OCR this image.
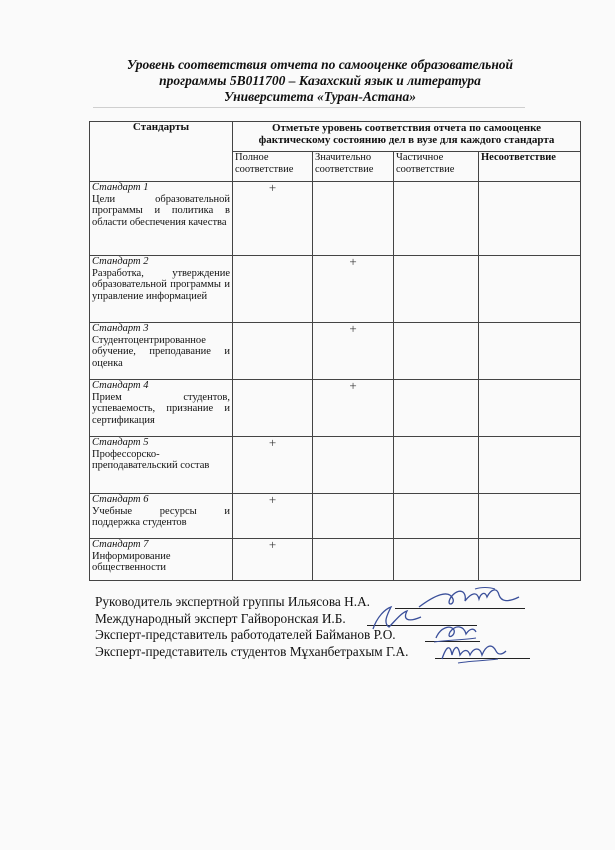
Уровень соответствия отчета по самооценке образовательной
программы 5В011700 – Казахский язык и литература
Университета «Туран-Астана»
Стандарты	Отметьте уровень соответствия отчета по самооценке фактическому состоянию дел в вузе для каждого стандарта			
	Полное соответствие	Значительно соответствие	Частичное соответствие	Несоответствие

Стандарт 1
Цели образовательной программы и политика в области обеспечения качества	+			

Стандарт 2
Разработка, утверждение образовательной программы и управление информацией		+		

Стандарт 3
Студентоцентрированное обучение, преподавание и оценка		+		

Стандарт 4
Прием студентов, успеваемость, признание и сертификация		+		

Стандарт 5
Профессорско-преподавательский состав	+			

Стандарт 6
Учебные ресурсы и поддержка студентов	+			

Стандарт 7
Информирование общественности	+			
Руководитель экспертной группы Ильясова Н.А.
Международный эксперт Гайворонская И.Б.
Эксперт-представитель работодателей Байманов Р.О.
Эксперт-представитель студентов Мұханбетрахым Г.А.
